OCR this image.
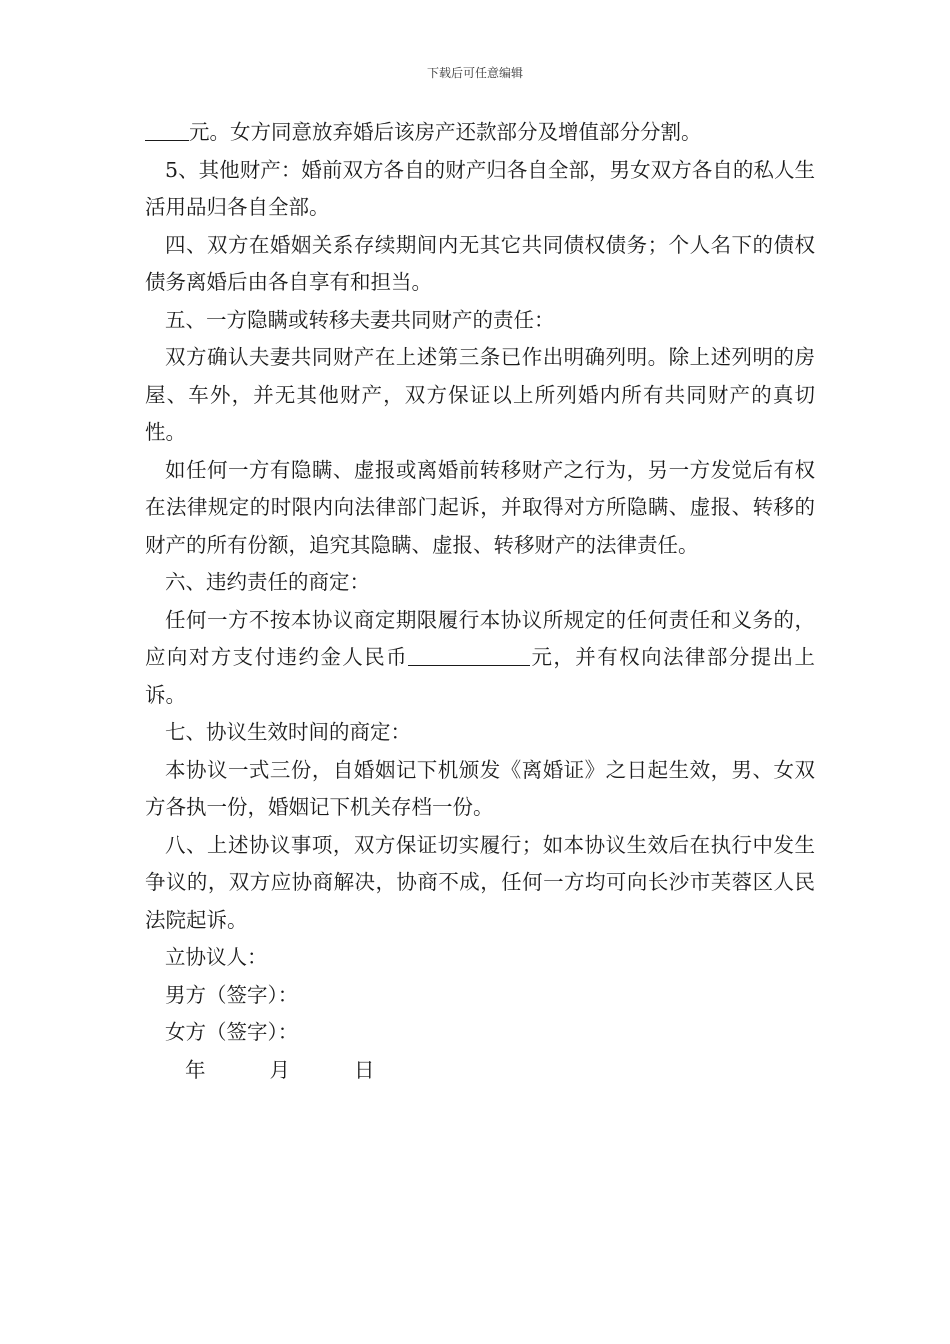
下载后可任意编辑

元。女方同意放弃婚后该房产还款部分及增值部分分割。

5、其他财产：婚前双方各自的财产归各自全部，男女双方各自的私人生活用品归各自全部。

四、双方在婚姻关系存续期间内无其它共同债权债务；个人名下的债权债务离婚后由各自享有和担当。

五、一方隐瞒或转移夫妻共同财产的责任：

双方确认夫妻共同财产在上述第三条已作出明确列明。除上述列明的房屋、车外，并无其他财产，双方保证以上所列婚内所有共同财产的真切性。

如任何一方有隐瞒、虚报或离婚前转移财产之行为，另一方发觉后有权在法律规定的时限内向法律部门起诉，并取得对方所隐瞒、虚报、转移的财产的所有份额，追究其隐瞒、虚报、转移财产的法律责任。

六、违约责任的商定：

任何一方不按本协议商定期限履行本协议所规定的任何责任和义务的，应向对方支付违约金人民币	元，并有权向法律部分提出上诉。

七、协议生效时间的商定：

本协议一式三份，自婚姻记下机颁发《离婚证》之日起生效，男、女双方各执一份，婚姻记下机关存档一份。

八、上述协议事项，双方保证切实履行；如本协议生效后在执行中发生争议的，双方应协商解决，协商不成，任何一方均可向长沙市芙蓉区人民法院起诉。

立协议人：

男方（签字）：

女方（签字）：

年	月	日
